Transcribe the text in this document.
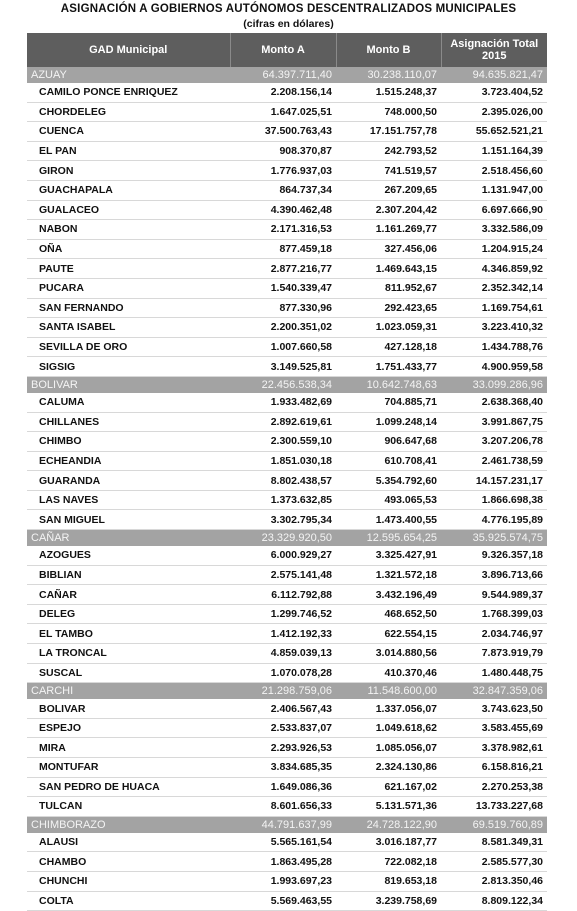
ASIGNACIÓN A GOBIERNOS AUTÓNOMOS DESCENTRALIZADOS MUNICIPALES
(cifras en dólares)
GAD Municipal	Monto A	Monto B	Asignación Total 2015
AZUAY	64.397.711,40	30.238.110,07	94.635.821,47
CAMILO PONCE ENRIQUEZ	2.208.156,14	1.515.248,37	3.723.404,52
CHORDELEG	1.647.025,51	748.000,50	2.395.026,00
CUENCA	37.500.763,43	17.151.757,78	55.652.521,21
EL PAN	908.370,87	242.793,52	1.151.164,39
GIRON	1.776.937,03	741.519,57	2.518.456,60
GUACHAPALA	864.737,34	267.209,65	1.131.947,00
GUALACEO	4.390.462,48	2.307.204,42	6.697.666,90
NABON	2.171.316,53	1.161.269,77	3.332.586,09
OÑA	877.459,18	327.456,06	1.204.915,24
PAUTE	2.877.216,77	1.469.643,15	4.346.859,92
PUCARA	1.540.339,47	811.952,67	2.352.342,14
SAN FERNANDO	877.330,96	292.423,65	1.169.754,61
SANTA ISABEL	2.200.351,02	1.023.059,31	3.223.410,32
SEVILLA DE ORO	1.007.660,58	427.128,18	1.434.788,76
SIGSIG	3.149.525,81	1.751.433,77	4.900.959,58
BOLIVAR	22.456.538,34	10.642.748,63	33.099.286,96
CALUMA	1.933.482,69	704.885,71	2.638.368,40
CHILLANES	2.892.619,61	1.099.248,14	3.991.867,75
CHIMBO	2.300.559,10	906.647,68	3.207.206,78
ECHEANDIA	1.851.030,18	610.708,41	2.461.738,59
GUARANDA	8.802.438,57	5.354.792,60	14.157.231,17
LAS NAVES	1.373.632,85	493.065,53	1.866.698,38
SAN MIGUEL	3.302.795,34	1.473.400,55	4.776.195,89
CAÑAR	23.329.920,50	12.595.654,25	35.925.574,75
AZOGUES	6.000.929,27	3.325.427,91	9.326.357,18
BIBLIAN	2.575.141,48	1.321.572,18	3.896.713,66
CAÑAR	6.112.792,88	3.432.196,49	9.544.989,37
DELEG	1.299.746,52	468.652,50	1.768.399,03
EL TAMBO	1.412.192,33	622.554,15	2.034.746,97
LA TRONCAL	4.859.039,13	3.014.880,56	7.873.919,79
SUSCAL	1.070.078,28	410.370,46	1.480.448,75
CARCHI	21.298.759,06	11.548.600,00	32.847.359,06
BOLIVAR	2.406.567,43	1.337.056,07	3.743.623,50
ESPEJO	2.533.837,07	1.049.618,62	3.583.455,69
MIRA	2.293.926,53	1.085.056,07	3.378.982,61
MONTUFAR	3.834.685,35	2.324.130,86	6.158.816,21
SAN PEDRO DE HUACA	1.649.086,36	621.167,02	2.270.253,38
TULCAN	8.601.656,33	5.131.571,36	13.733.227,68
CHIMBORAZO	44.791.637,99	24.728.122,90	69.519.760,89
ALAUSI	5.565.161,54	3.016.187,77	8.581.349,31
CHAMBO	1.863.495,28	722.082,18	2.585.577,30
CHUNCHI	1.993.697,23	819.653,18	2.813.350,46
COLTA	5.569.463,55	3.239.758,69	8.809.122,34
